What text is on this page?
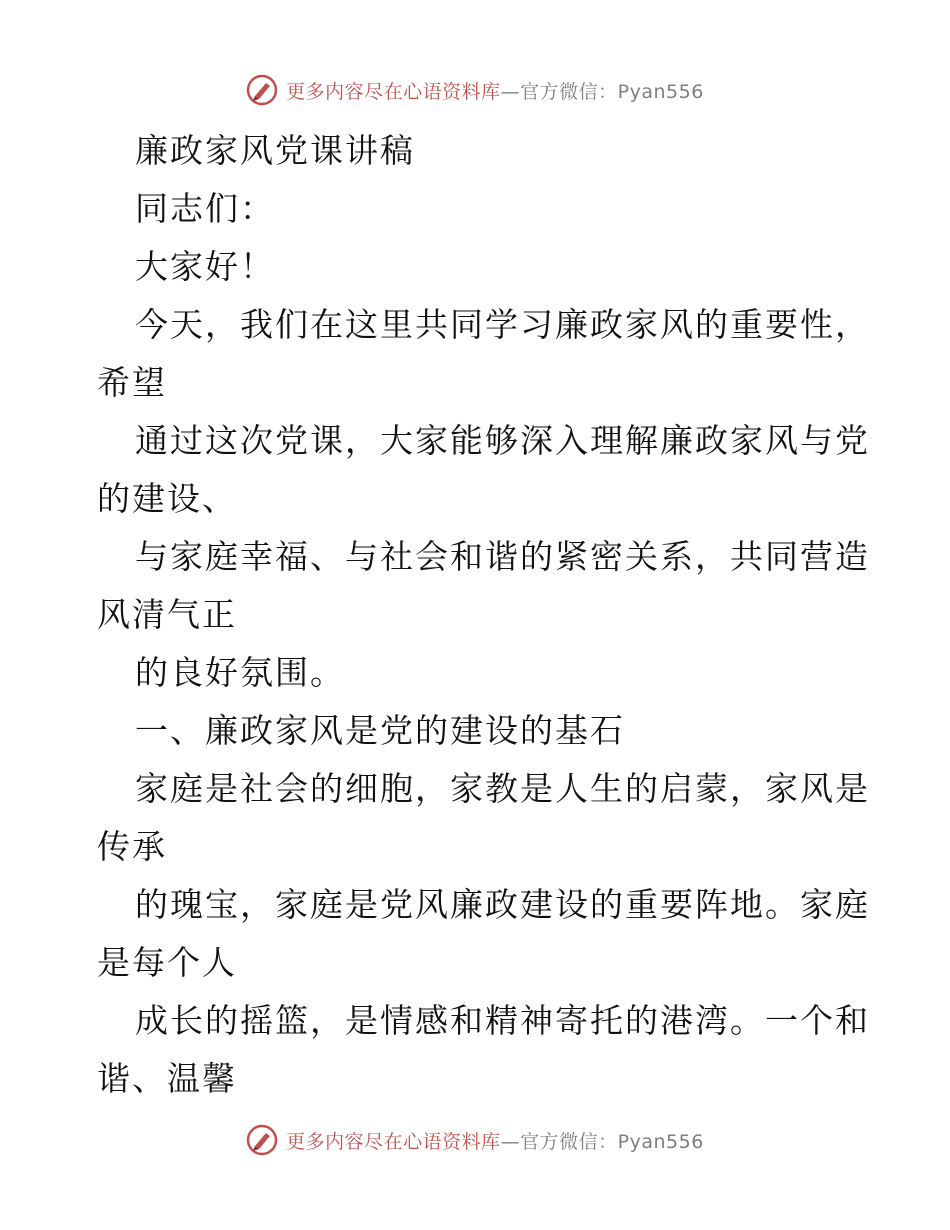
更多内容尽在心语资料库—官方微信：Pyan556
廉政家风党课讲稿
同志们：
大家好！
今天，我们在这里共同学习廉政家风的重要性，
希望
通过这次党课，大家能够深入理解廉政家风与党
的建设、
与家庭幸福、与社会和谐的紧密关系，共同营造
风清气正
的良好氛围。
一、廉政家风是党的建设的基石
家庭是社会的细胞，家教是人生的启蒙，家风是
传承
的瑰宝，家庭是党风廉政建设的重要阵地。家庭
是每个人
成长的摇篮，是情感和精神寄托的港湾。一个和
谐、温馨
更多内容尽在心语资料库—官方微信：Pyan556
